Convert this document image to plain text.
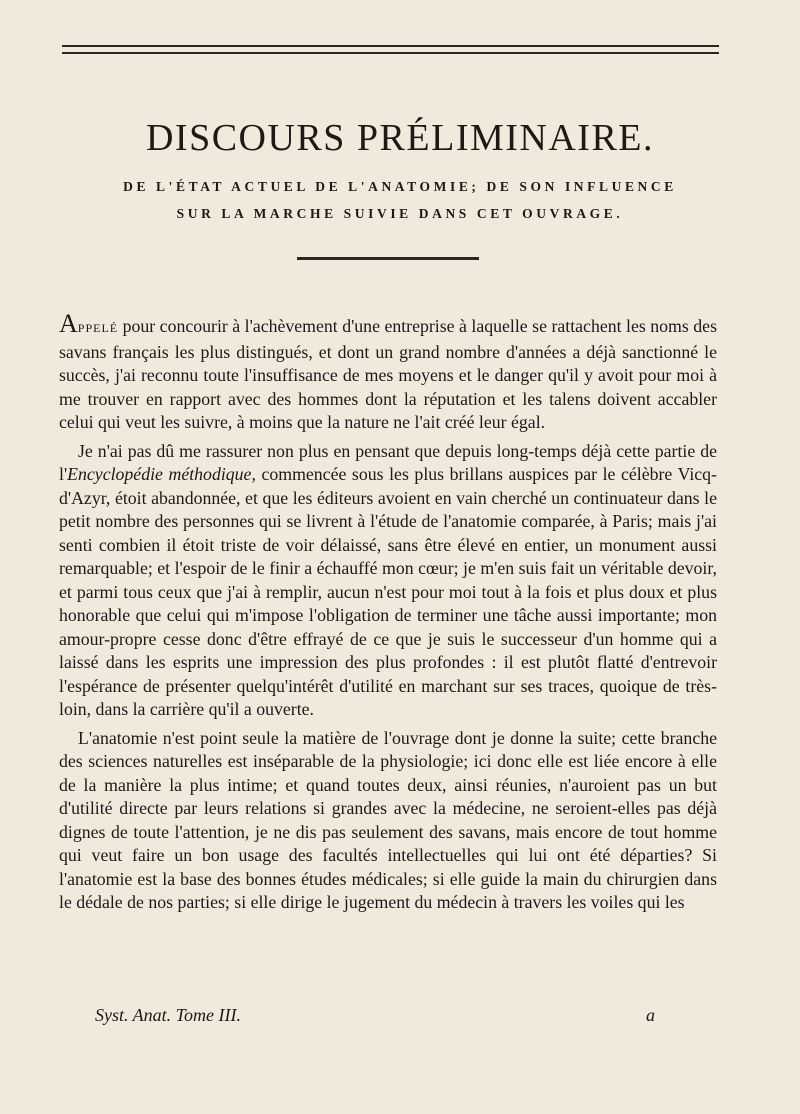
DISCOURS PRÉLIMINAIRE.
DE L'ÉTAT ACTUEL DE L'ANATOMIE; DE SON INFLUENCE
SUR LA MARCHE SUIVIE DANS CET OUVRAGE.

APPELÉ pour concourir à l'achèvement d'une entreprise à laquelle se rattachent les noms des savans français les plus distingués, et dont un grand nombre d'années a déjà sanctionné le succès, j'ai reconnu toute l'insuffisance de mes moyens et le danger qu'il y avoit pour moi à me trouver en rapport avec des hommes dont la réputation et les talens doivent accabler celui qui veut les suivre, à moins que la nature ne l'ait créé leur égal.

Je n'ai pas dû me rassurer non plus en pensant que depuis long-temps déjà cette partie de l'Encyclopédie méthodique, commencée sous les plus brillans auspices par le célèbre Vicq-d'Azyr, étoit abandonnée, et que les éditeurs avoient en vain cherché un continuateur dans le petit nombre des personnes qui se livrent à l'étude de l'anatomie comparée, à Paris; mais j'ai senti combien il étoit triste de voir délaissé, sans être élevé en entier, un monument aussi remarquable; et l'espoir de le finir a échauffé mon cœur; je m'en suis fait un véritable devoir, et parmi tous ceux que j'ai à remplir, aucun n'est pour moi tout à la fois et plus doux et plus honorable que celui qui m'impose l'obligation de terminer une tâche aussi importante; mon amour-propre cesse donc d'être effrayé de ce que je suis le successeur d'un homme qui a laissé dans les esprits une impression des plus profondes : il est plutôt flatté d'entrevoir l'espérance de présenter quelqu'intérêt d'utilité en marchant sur ses traces, quoique de très-loin, dans la carrière qu'il a ouverte.

L'anatomie n'est point seule la matière de l'ouvrage dont je donne la suite; cette branche des sciences naturelles est inséparable de la physiologie; ici donc elle est liée encore à elle de la manière la plus intime; et quand toutes deux, ainsi réunies, n'auroient pas un but d'utilité directe par leurs relations si grandes avec la médecine, ne seroient-elles pas déjà dignes de toute l'attention, je ne dis pas seulement des savans, mais encore de tout homme qui veut faire un bon usage des facultés intellectuelles qui lui ont été départies? Si l'anatomie est la base des bonnes études médicales; si elle guide la main du chirurgien dans le dédale de nos parties; si elle dirige le jugement du médecin à travers les voiles qui les

Syst. Anat. Tome III.	a
